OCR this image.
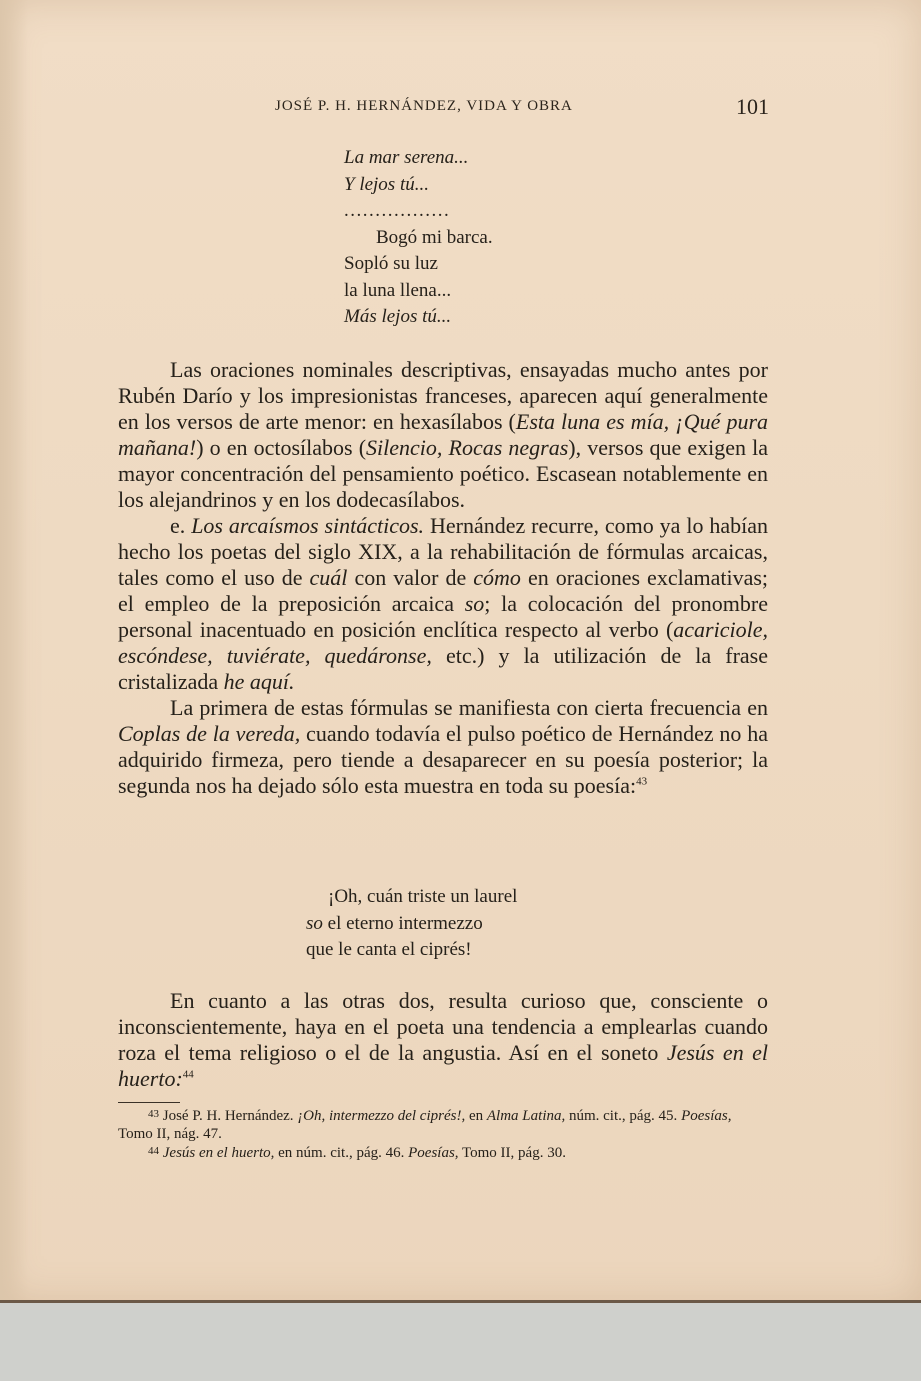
JOSÉ P. H. HERNÁNDEZ, VIDA Y OBRA	101
La mar serena...
Y lejos tú...
.................
Bogó mi barca.
Sopló su luz
la luna llena...
Más lejos tú...

Las oraciones nominales descriptivas, ensayadas mucho antes por Rubén Darío y los impresionistas franceses, aparecen aquí generalmente en los versos de arte menor: en hexasílabos (Esta luna es mía, ¡Qué pura mañana!) o en octosílabos (Silencio, Rocas negras), versos que exigen la mayor concentración del pensamiento poético. Escasean notablemente en los alejandrinos y en los dodecasílabos.

e. Los arcaísmos sintácticos. Hernández recurre, como ya lo habían hecho los poetas del siglo XIX, a la rehabilitación de fórmulas arcaicas, tales como el uso de cuál con valor de cómo en oraciones exclamativas; el empleo de la preposición arcaica so; la colocación del pronombre personal inacentuado en posición enclítica respecto al verbo (acariciole, escóndese, tuviérate, quedáronse, etc.) y la utilización de la frase cristalizada he aquí.

La primera de estas fórmulas se manifiesta con cierta frecuencia en Coplas de la vereda, cuando todavía el pulso poético de Hernández no ha adquirido firmeza, pero tiende a desaparecer en su poesía posterior; la segunda nos ha dejado sólo esta muestra en toda su poesía:$^{43}$

¡Oh, cuán triste un laurel
so el eterno intermezzo
que le canta el ciprés!

En cuanto a las otras dos, resulta curioso que, consciente o inconscientemente, haya en el poeta una tendencia a emplearlas cuando roza el tema religioso o el de la angustia. Así en el soneto Jesús en el huerto:$^{44}$

$^{43}$ José P. H. Hernández. ¡Oh, intermezzo del ciprés!, en Alma Latina, núm. cit., pág. 45. Poesías, Tomo II, nág. 47.

$^{44}$ Jesús en el huerto, en núm. cit., pág. 46. Poesías, Tomo II, pág. 30.
